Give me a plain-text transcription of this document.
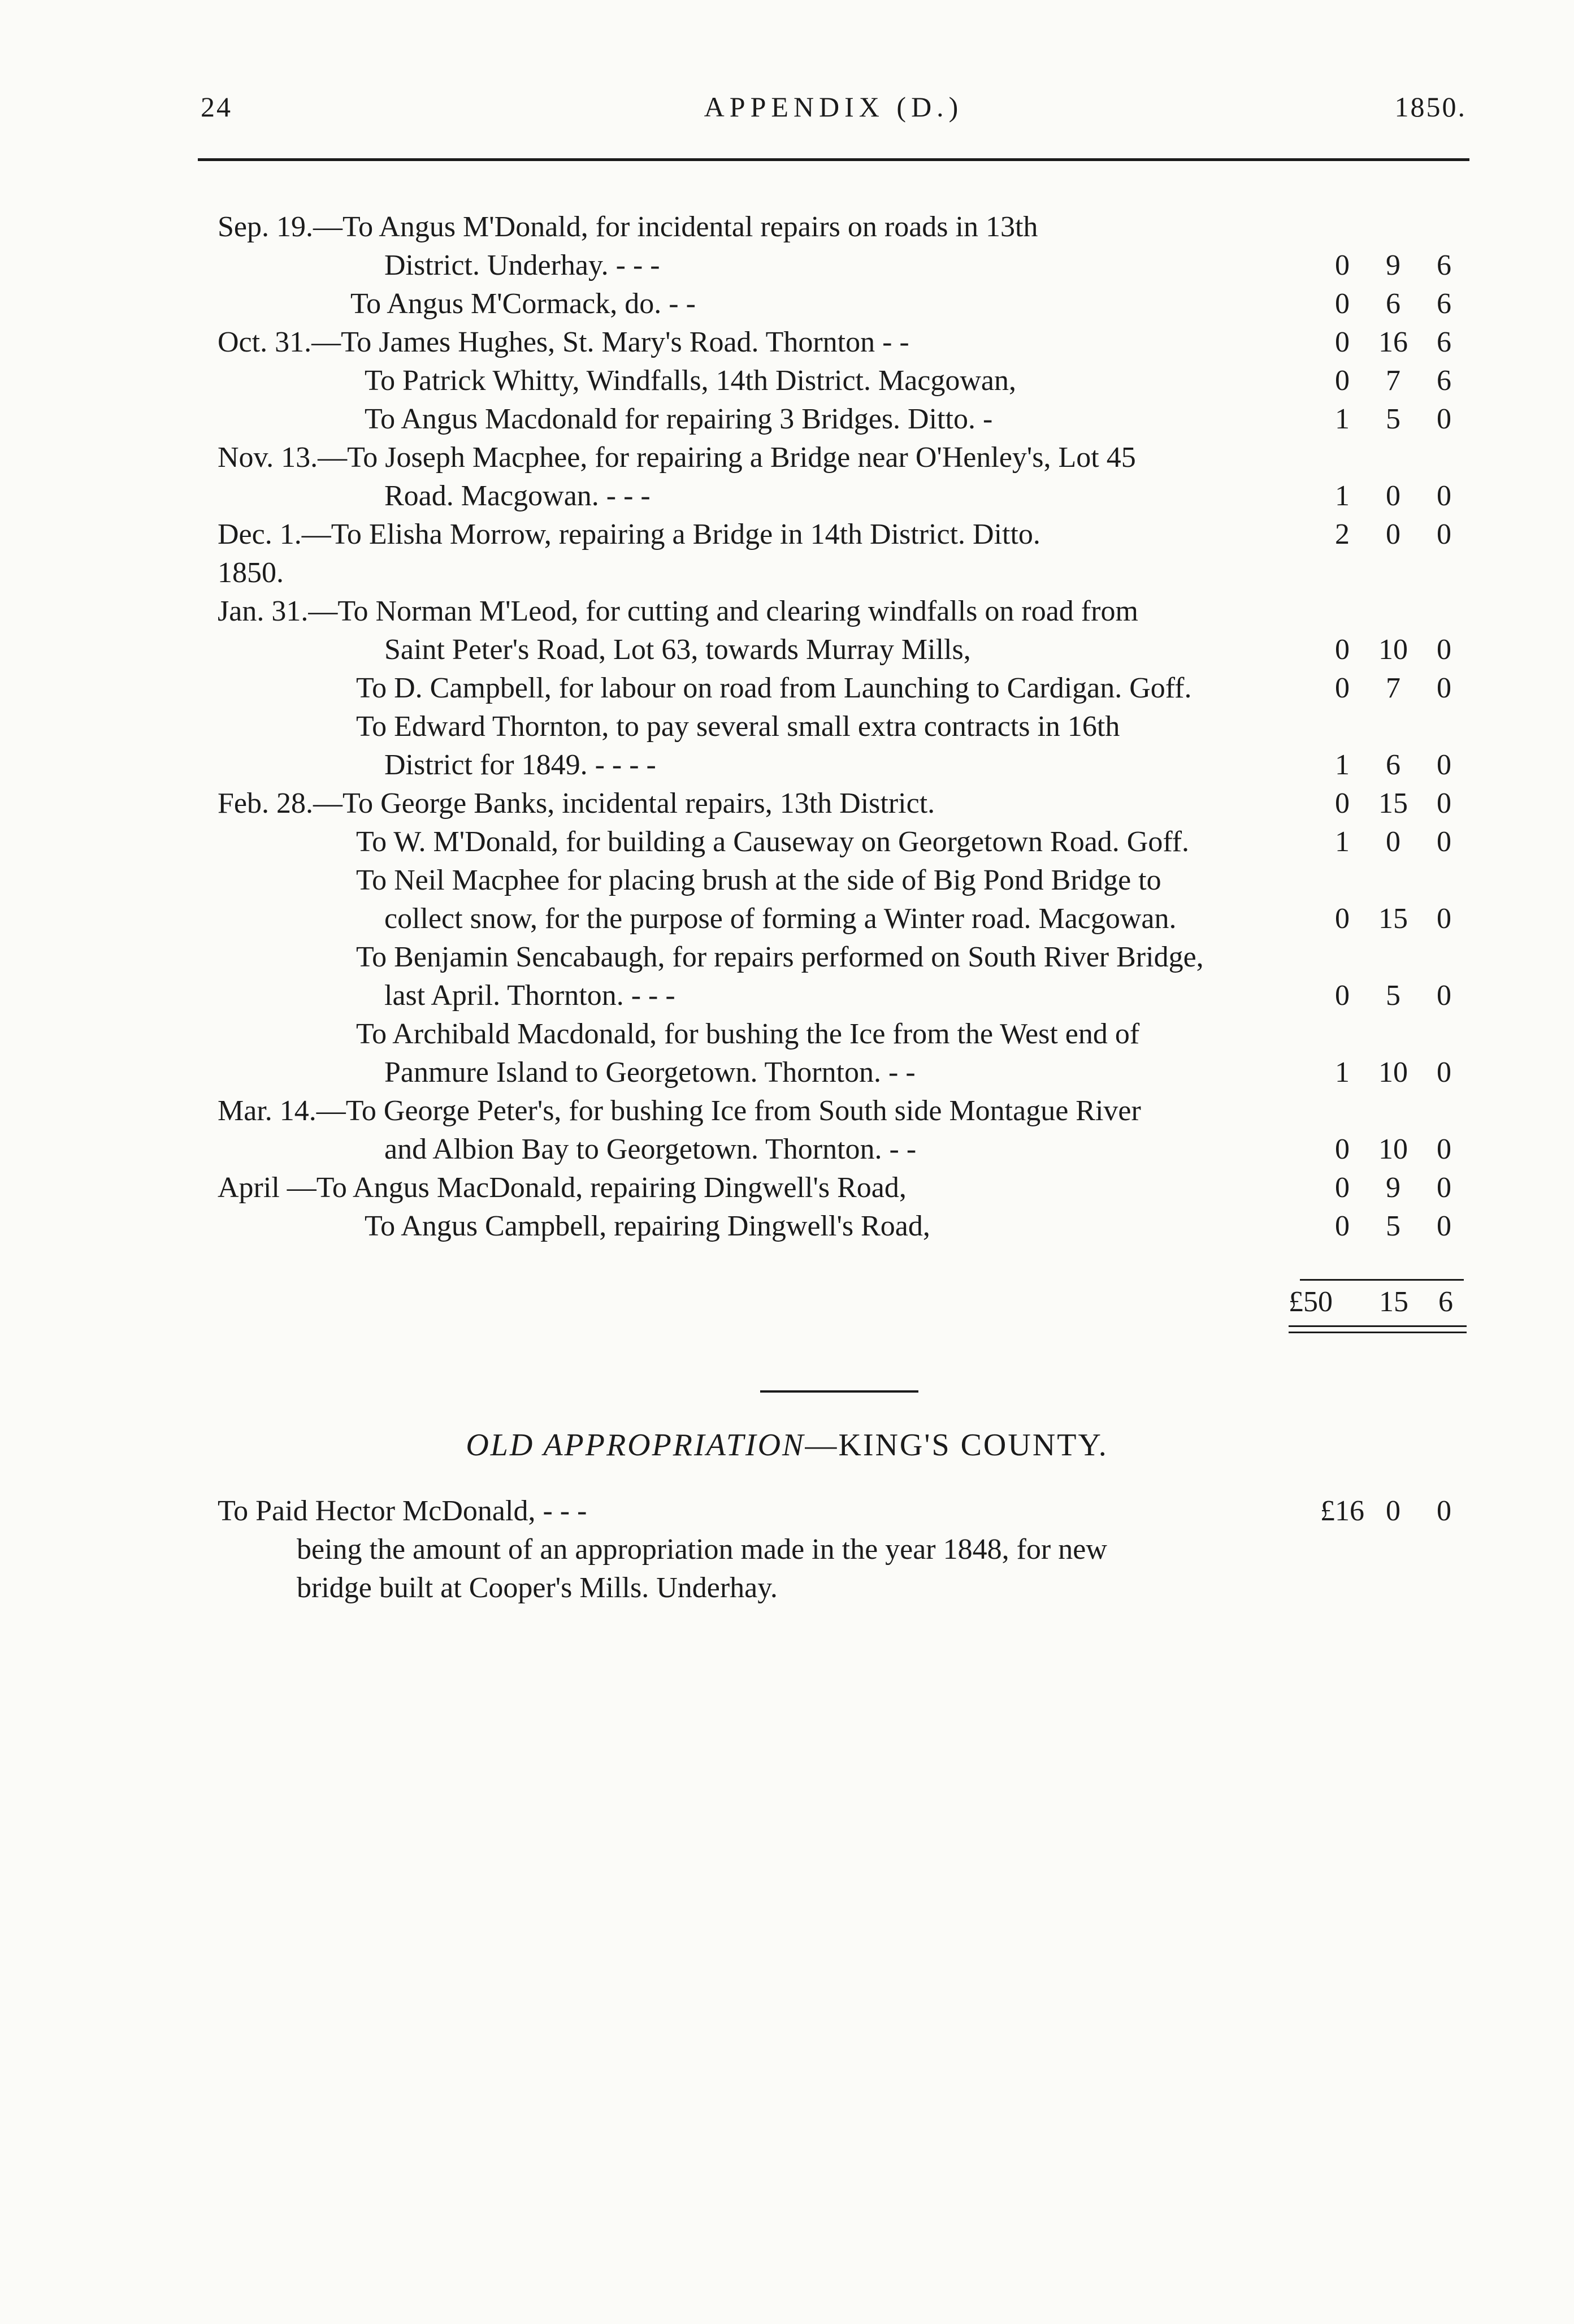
24	APPENDIX (D.)	1850.
Sep. 19.—To Angus M'Donald, for incidental repairs on roads in 13th
District. Underhay. - - -	0	9	6
To Angus M'Cormack, do. - -	0	6	6
Oct. 31.—To James Hughes, St. Mary's Road. Thornton - -	0 16 6
To Patrick Whitty, Windfalls, 14th District. Macgowan,	0	7	6
To Angus Macdonald for repairing 3 Bridges. Ditto. -	1	5	0
Nov. 13.—To Joseph Macphee, for repairing a Bridge near O'Henley's, Lot 45
Road. Macgowan. - - -	1	0	0
Dec. 1.—To Elisha Morrow, repairing a Bridge in 14th District. Ditto.	2	0	0
1850.
Jan. 31.—To Norman M'Leod, for cutting and clearing windfalls on road from
Saint Peter's Road, Lot 63, towards Murray Mills,	0 10 0
To D. Campbell, for labour on road from Launching to Cardigan. Goff.	0	7	0
To Edward Thornton, to pay several small extra contracts in 16th
District for 1849. - - - -	1	6	0
Feb. 28.—To George Banks, incidental repairs, 13th District.	0 15 0
To W. M'Donald, for building a Causeway on Georgetown Road. Goff.	1	0	0
To Neil Macphee for placing brush at the side of Big Pond Bridge to
collect snow, for the purpose of forming a Winter road. Macgowan.	0 15 0
To Benjamin Sencabaugh, for repairs performed on South River Bridge,
last April. Thornton. - - -	0	5	0
To Archibald Macdonald, for bushing the Ice from the West end of
Panmure Island to Georgetown. Thornton. - -	1 10 0
Mar. 14.—To George Peter's, for bushing Ice from South side Montague River
and Albion Bay to Georgetown. Thornton. - -	0 10 0
April —To Angus MacDonald, repairing Dingwell's Road,	0	9	0
To Angus Campbell, repairing Dingwell's Road,	0	5	0
£50 15 6
OLD APPROPRIATION—KING'S COUNTY.
To Paid Hector McDonald, - - -	£16 0	0
being the amount of an appropriation made in the year 1848, for new
bridge built at Cooper's Mills. Underhay.
